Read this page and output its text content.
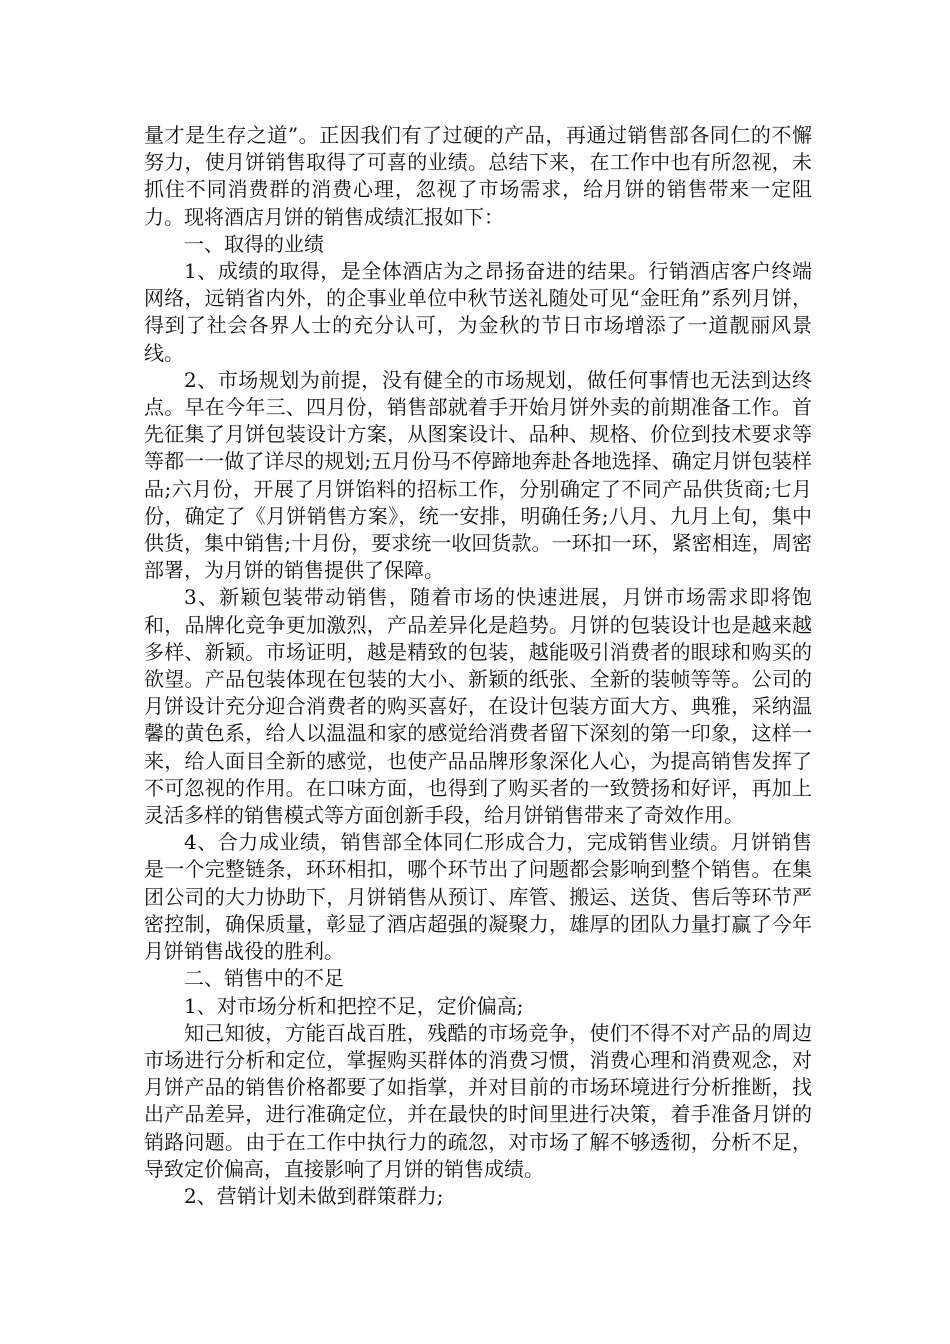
量才是生存之道”。正因我们有了过硬的产品，再通过销售部各同仁的不懈努力，使月饼销售取得了可喜的业绩。总结下来，在工作中也有所忽视，未抓住不同消费群的消费心理，忽视了市场需求，给月饼的销售带来一定阻力。现将酒店月饼的销售成绩汇报如下：

一、取得的业绩

1、成绩的取得，是全体酒店为之昂扬奋进的结果。行销酒店客户终端网络，远销省内外，的企事业单位中秋节送礼随处可见“金旺角”系列月饼，得到了社会各界人士的充分认可，为金秋的节日市场增添了一道靓丽风景线。

2、市场规划为前提，没有健全的市场规划，做任何事情也无法到达终点。早在今年三、四月份，销售部就着手开始月饼外卖的前期准备工作。首先征集了月饼包装设计方案，从图案设计、品种、规格、价位到技术要求等等都一一做了详尽的规划;五月份马不停蹄地奔赴各地选择、确定月饼包装样品;六月份，开展了月饼馅料的招标工作，分别确定了不同产品供货商;七月份，确定了《月饼销售方案》，统一安排，明确任务;八月、九月上旬，集中供货，集中销售;十月份，要求统一收回货款。一环扣一环，紧密相连，周密部署，为月饼的销售提供了保障。

3、新颖包装带动销售，随着市场的快速进展，月饼市场需求即将饱和，品牌化竞争更加激烈，产品差异化是趋势。月饼的包装设计也是越来越多样、新颖。市场证明，越是精致的包装，越能吸引消费者的眼球和购买的欲望。产品包装体现在包装的大小、新颖的纸张、全新的装帧等等。公司的月饼设计充分迎合消费者的购买喜好，在设计包装方面大方、典雅，采纳温馨的黄色系，给人以温温和家的感觉给消费者留下深刻的第一印象，这样一来，给人面目全新的感觉，也使产品品牌形象深化人心，为提高销售发挥了不可忽视的作用。在口味方面，也得到了购买者的一致赞扬和好评，再加上灵活多样的销售模式等方面创新手段，给月饼销售带来了奇效作用。

4、合力成业绩，销售部全体同仁形成合力，完成销售业绩。月饼销售是一个完整链条，环环相扣，哪个环节出了问题都会影响到整个销售。在集团公司的大力协助下，月饼销售从预订、库管、搬运、送货、售后等环节严密控制，确保质量，彰显了酒店超强的凝聚力，雄厚的团队力量打赢了今年月饼销售战役的胜利。

二、销售中的不足

1、对市场分析和把控不足，定价偏高;

知己知彼，方能百战百胜，残酷的市场竞争，使们不得不对产品的周边市场进行分析和定位，掌握购买群体的消费习惯，消费心理和消费观念，对月饼产品的销售价格都要了如指掌，并对目前的市场环境进行分析推断，找出产品差异，进行准确定位，并在最快的时间里进行决策，着手准备月饼的销路问题。由于在工作中执行力的疏忽，对市场了解不够透彻，分析不足，导致定价偏高，直接影响了月饼的销售成绩。

2、营销计划未做到群策群力;
